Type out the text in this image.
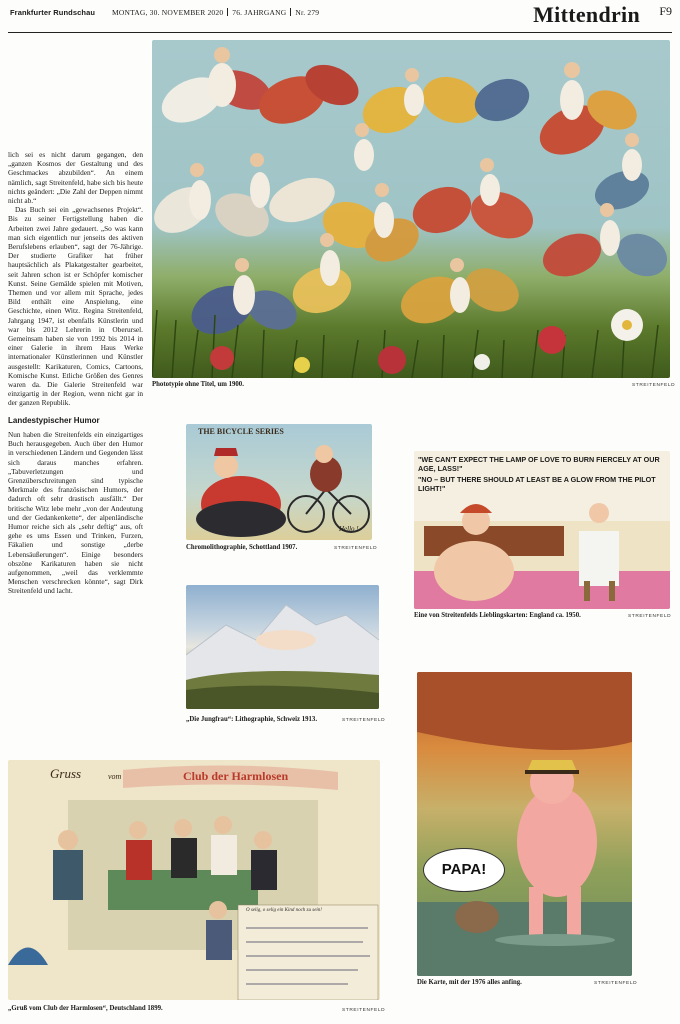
Frankfurter Rundschau MONTAG, 30. NOVEMBER 2020 76. JAHRGANG Nr. 279	Mittendrin F9

lich sei es nicht darum gegangen, den „ganzen Kosmos der Gestaltung und des Geschmackes abzubilden“. An einem nämlich, sagt Streitenfeld, habe sich bis heute nichts geändert: „Die Zahl der Deppen nimmt nicht ab.“

Das Buch sei ein „gewachsenes Projekt“. Bis zu seiner Fertigstellung haben die Arbeiten zwei Jahre gedauert. „So was kann man sich eigentlich nur jenseits des aktiven Berufslebens erlauben“, sagt der 76-Jährige. Der studierte Grafiker hat früher hauptsächlich als Plakatgestalter gearbeitet, seit Jahren schon ist er Schöpfer komischer Kunst. Seine Gemälde spielen mit Motiven, Themen und vor allem mit Sprache, jedes Bild enthält eine Anspielung, eine Geschichte, einen Witz. Regina Streitenfeld, Jahrgang 1947, ist ebenfalls Künstlerin und war bis 2012 Lehrerin in Oberursel. Gemeinsam haben sie von 1992 bis 2014 in einer Galerie in ihrem Haus Werke internationaler Künstlerinnen und Künstler ausgestellt: Karikaturen, Comics, Cartoons, Komische Kunst. Etliche Größen des Genres waren da. Die Galerie Streitenfeld war einzigartig in der Region, wenn nicht gar in der ganzen Republik.

Landestypischer Humor

Nun haben die Streitenfelds ein einzigartiges Buch herausgegeben. Auch über den Humor in verschiedenen Ländern und Gegenden lässt sich daraus manches erfahren. „Tabuverletzungen und Grenzüberschreitungen sind typische Merkmale des französischen Humors, der dadurch oft sehr drastisch ausfällt.“ Der britische Witz lebe mehr „von der Andeutung und der Gedankenkette“, der alpenländische Humor reiche sich als „sehr deftig“ aus, oft gehe es ums Essen und Trinken, Furzen, Fäkalien und sonstige „derbe Lebensäußerungen“. Einige besonders obszöne Karikaturen haben sie nicht aufgenommen, „weil das verklemmte Menschen verschrecken könnte“, sagt Dirk Streitenfeld und lacht.

Phototypie ohne Titel, um 1900.	STREITENFELD
THE BICYCLE SERIES
Hello !
Chromolithographie, Schottland 1907.	STREITENFELD
"WE CAN'T EXPECT THE LAMP OF LOVE TO BURN FIERCELY AT OUR AGE, LASS!"
"NO – BUT THERE SHOULD AT LEAST BE A GLOW FROM THE PILOT LIGHT!"
Eine von Streitenfelds Lieblingskarten: England ca. 1950.	STREITENFELD
„Die Jungfrau“: Lithographie, Schweiz 1913.	STREITENFELD
Gruss	vom	Club der Harmlosen
O selig, o selig ein Kind noch zu sein!
„Gruß vom Club der Harmlosen“, Deutschland 1899.	STREITENFELD
PAPA!
Die Karte, mit der 1976 alles anfing.	STREITENFELD
